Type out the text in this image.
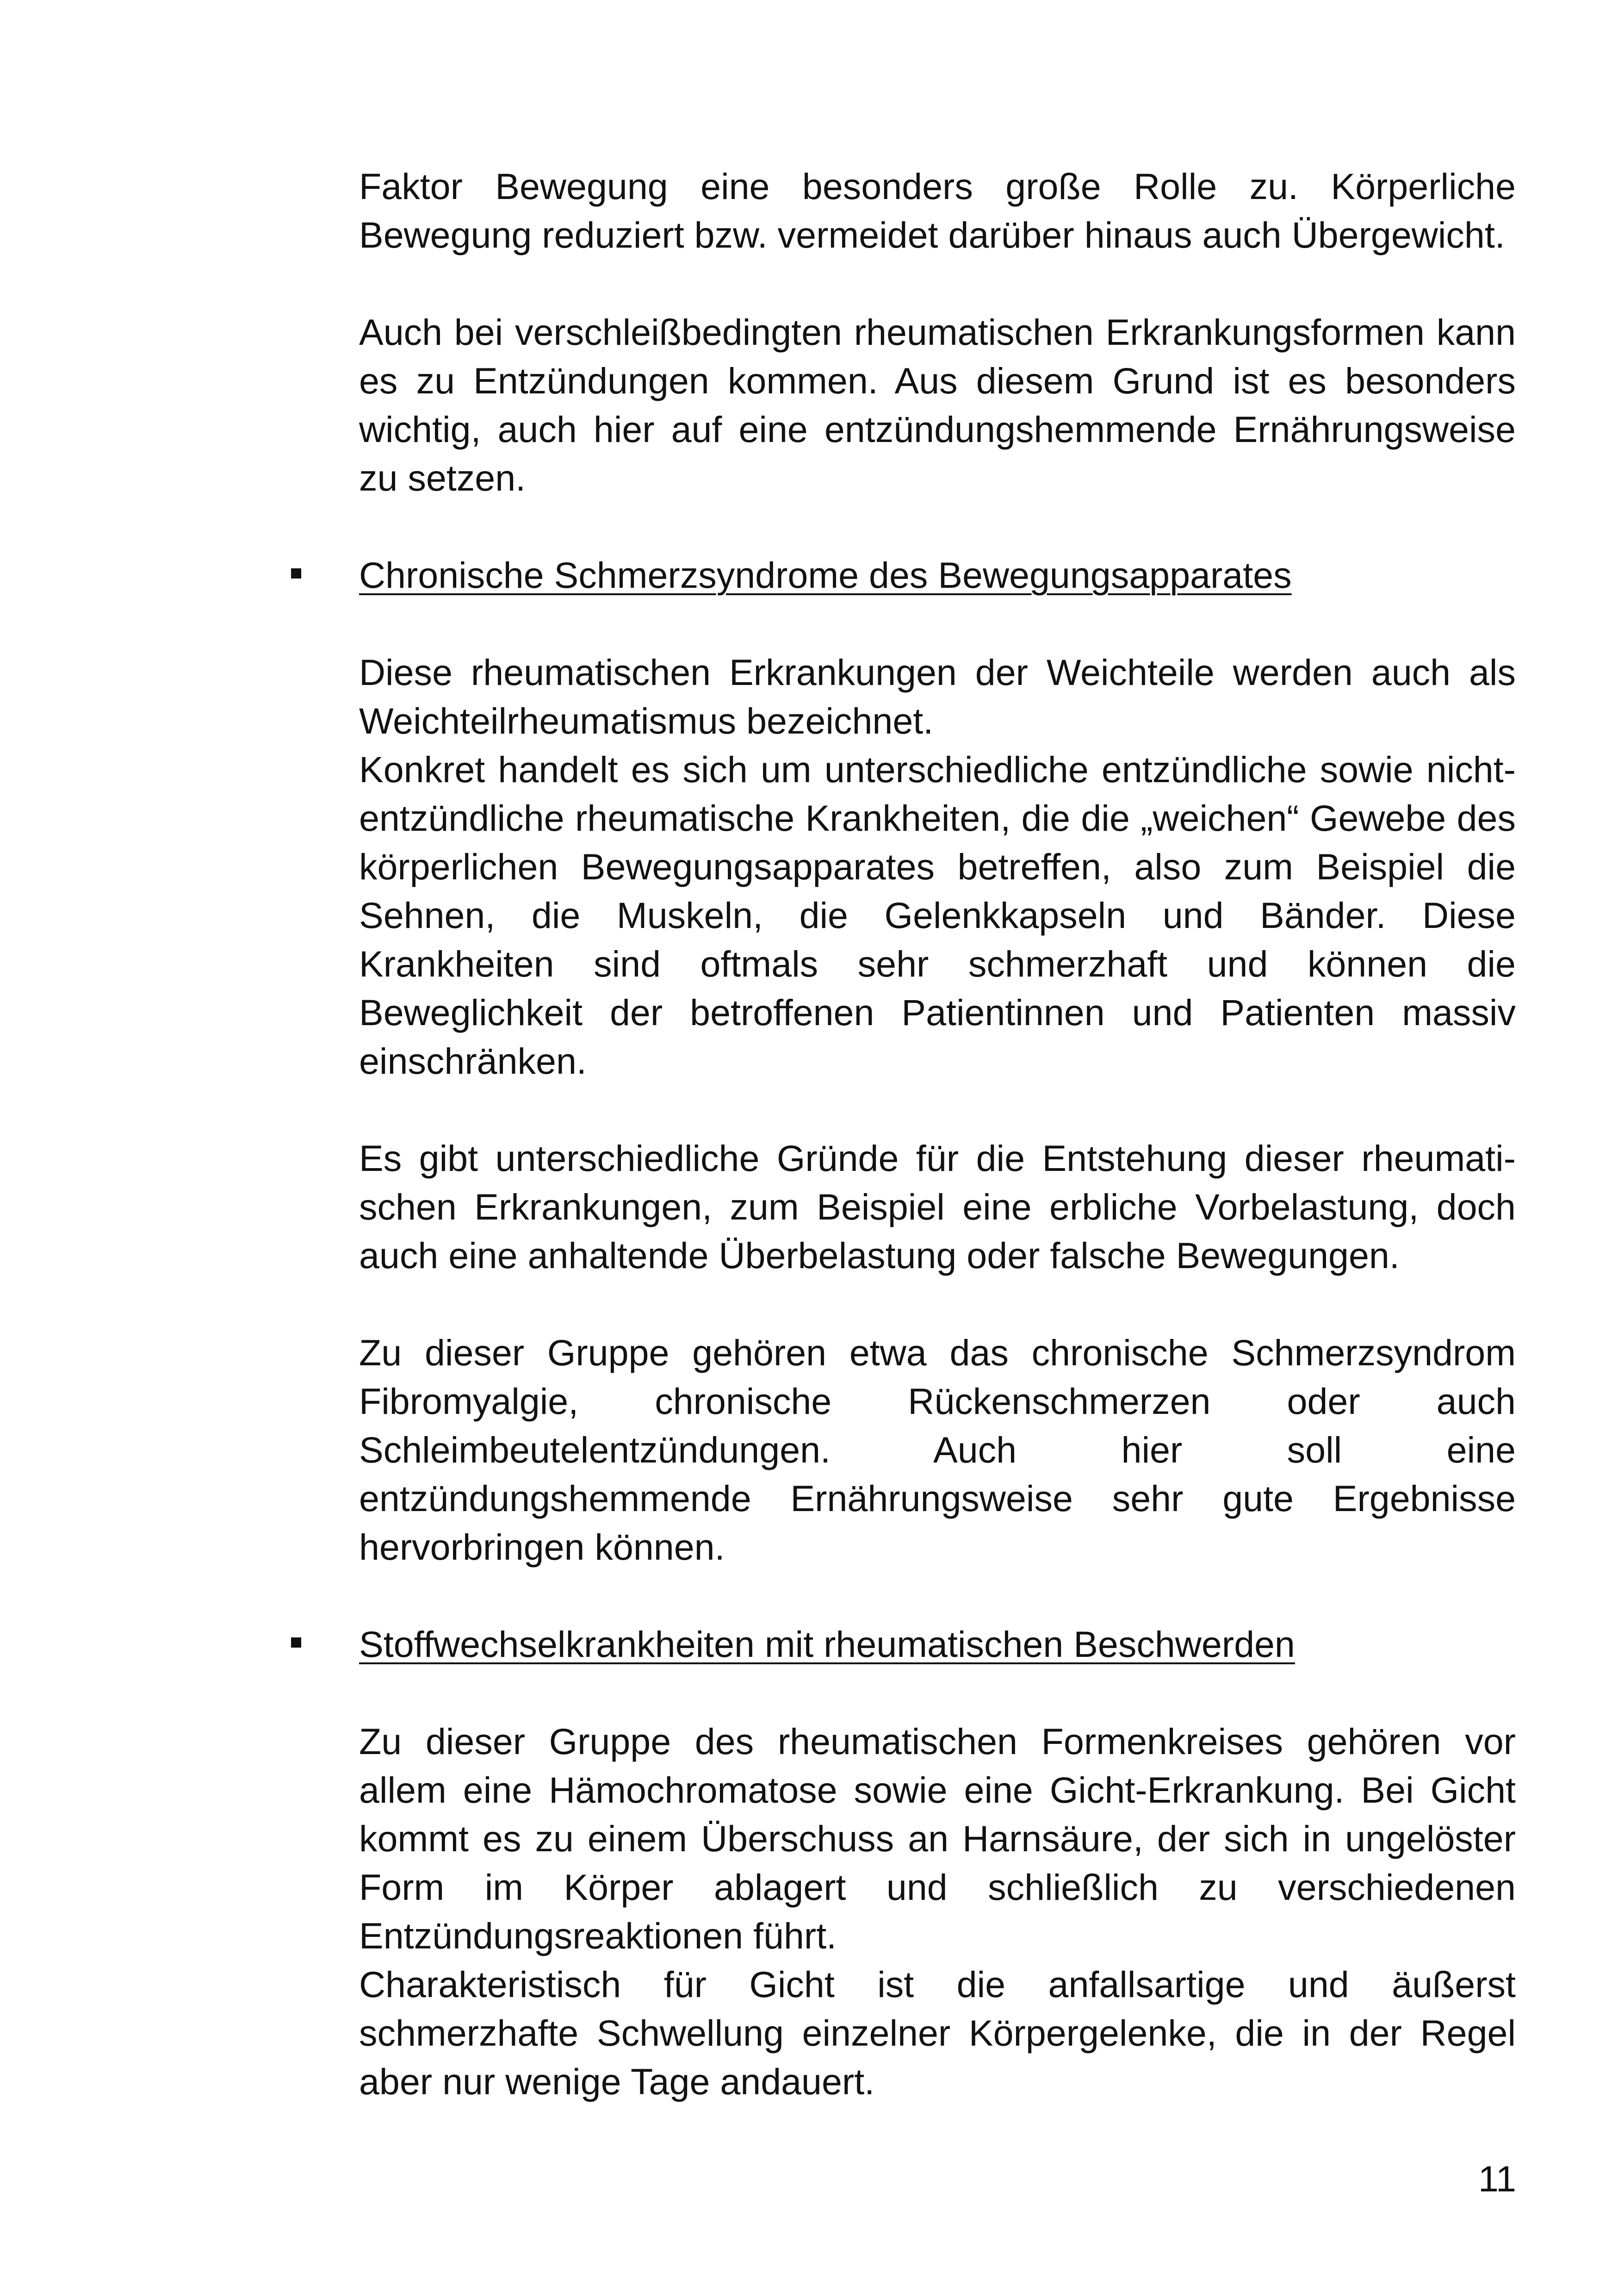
Faktor Bewegung eine besonders große Rolle zu. Körperliche Bewegung reduziert bzw. vermeidet darüber hinaus auch Übergewicht.

Auch bei verschleißbedingten rheumatischen Erkrankungsformen kann es zu Entzündungen kommen. Aus diesem Grund ist es besonders wichtig, auch hier auf eine entzündungshemmende Ernährungsweise zu setzen.

Chronische Schmerzsyndrome des Bewegungsapparates

Diese rheumatischen Erkrankungen der Weichteile werden auch als Weichteilrheumatismus bezeichnet.

Konkret handelt es sich um unterschiedliche entzündliche sowie nicht-entzündliche rheumatische Krankheiten, die die „weichen“ Gewebe des körperlichen Bewegungsapparates betreffen, also zum Beispiel die Sehnen, die Muskeln, die Gelenkkapseln und Bänder. Diese Krankheiten sind oftmals sehr schmerzhaft und können die Beweglichkeit der betroffenen Patientinnen und Patienten massiv einschränken.

Es gibt unterschiedliche Gründe für die Entstehung dieser rheumatischen Erkrankungen, zum Beispiel eine erbliche Vorbelastung, doch auch eine anhaltende Überbelastung oder falsche Bewegungen.

Zu dieser Gruppe gehören etwa das chronische Schmerzsyndrom Fibromyalgie, chronische Rückenschmerzen oder auch Schleimbeutelentzündungen. Auch hier soll eine entzündungshemmende Ernährungsweise sehr gute Ergebnisse hervorbringen können.

Stoffwechselkrankheiten mit rheumatischen Beschwerden

Zu dieser Gruppe des rheumatischen Formenkreises gehören vor allem eine Hämochromatose sowie eine Gicht-Erkrankung. Bei Gicht kommt es zu einem Überschuss an Harnsäure, der sich in ungelöster Form im Körper ablagert und schließlich zu verschiedenen Entzündungsreaktionen führt.

Charakteristisch für Gicht ist die anfallsartige und äußerst schmerzhafte Schwellung einzelner Körpergelenke, die in der Regel aber nur wenige Tage andauert.

11
